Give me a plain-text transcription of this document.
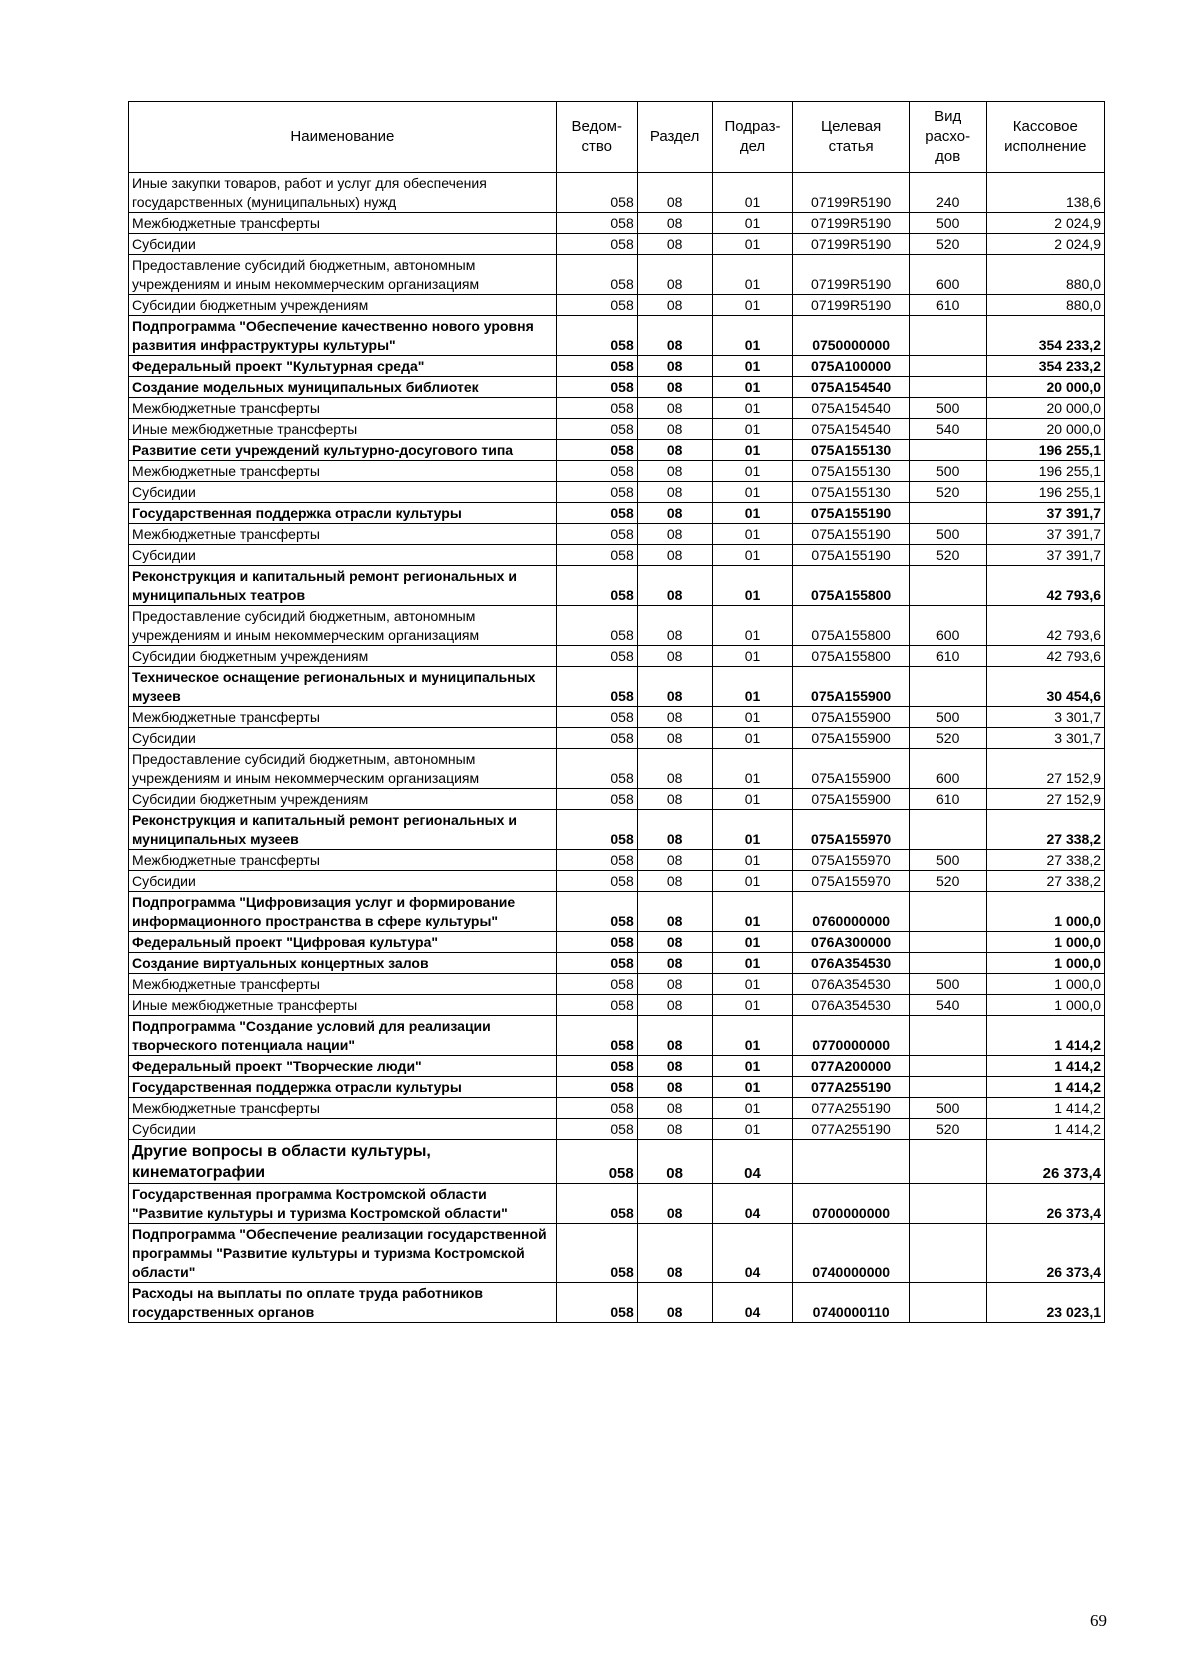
Наименование	Ведом-ство	Раздел	Подраз-дел	Целевая статья	Вид расхо-дов	Кассовое исполнение
Иные закупки товаров, работ и услуг для обеспечения государственных (муниципальных) нужд	058	08	01	07199R5190	240	138,6
Межбюджетные трансферты	058	08	01	07199R5190	500	2 024,9
Субсидии	058	08	01	07199R5190	520	2 024,9
Предоставление субсидий бюджетным, автономным учреждениям и иным некоммерческим организациям	058	08	01	07199R5190	600	880,0
Субсидии бюджетным учреждениям	058	08	01	07199R5190	610	880,0
Подпрограмма "Обеспечение качественно нового уровня развития инфраструктуры культуры"	058	08	01	0750000000		354 233,2
Федеральный проект "Культурная среда"	058	08	01	075A100000		354 233,2
Создание модельных муниципальных библиотек	058	08	01	075A154540		20 000,0
Межбюджетные трансферты	058	08	01	075A154540	500	20 000,0
Иные межбюджетные трансферты	058	08	01	075A154540	540	20 000,0
Развитие сети учреждений культурно-досугового типа	058	08	01	075A155130		196 255,1
Межбюджетные трансферты	058	08	01	075A155130	500	196 255,1
Субсидии	058	08	01	075A155130	520	196 255,1
Государственная поддержка отрасли культуры	058	08	01	075A155190		37 391,7
Межбюджетные трансферты	058	08	01	075A155190	500	37 391,7
Субсидии	058	08	01	075A155190	520	37 391,7
Реконструкция и капитальный ремонт региональных и муниципальных театров	058	08	01	075A155800		42 793,6
Предоставление субсидий бюджетным, автономным учреждениям и иным некоммерческим организациям	058	08	01	075A155800	600	42 793,6
Субсидии бюджетным учреждениям	058	08	01	075A155800	610	42 793,6
Техническое оснащение региональных и муниципальных музеев	058	08	01	075A155900		30 454,6
Межбюджетные трансферты	058	08	01	075A155900	500	3 301,7
Субсидии	058	08	01	075A155900	520	3 301,7
Предоставление субсидий бюджетным, автономным учреждениям и иным некоммерческим организациям	058	08	01	075A155900	600	27 152,9
Субсидии бюджетным учреждениям	058	08	01	075A155900	610	27 152,9
Реконструкция и капитальный ремонт региональных и муниципальных музеев	058	08	01	075A155970		27 338,2
Межбюджетные трансферты	058	08	01	075A155970	500	27 338,2
Субсидии	058	08	01	075A155970	520	27 338,2
Подпрограмма "Цифровизация услуг и формирование информационного пространства в сфере культуры"	058	08	01	0760000000		1 000,0
Федеральный проект "Цифровая культура"	058	08	01	076A300000		1 000,0
Создание виртуальных концертных залов	058	08	01	076A354530		1 000,0
Межбюджетные трансферты	058	08	01	076A354530	500	1 000,0
Иные межбюджетные трансферты	058	08	01	076A354530	540	1 000,0
Подпрограмма "Создание условий для реализации творческого потенциала нации"	058	08	01	0770000000		1 414,2
Федеральный проект "Творческие люди"	058	08	01	077A200000		1 414,2
Государственная поддержка отрасли культуры	058	08	01	077A255190		1 414,2
Межбюджетные трансферты	058	08	01	077A255190	500	1 414,2
Субсидии	058	08	01	077A255190	520	1 414,2
Другие вопросы в области культуры, кинематографии	058	08	04			26 373,4
Государственная программа Костромской области "Развитие культуры и туризма Костромской области"	058	08	04	0700000000		26 373,4
Подпрограмма "Обеспечение реализации государственной программы "Развитие культуры и туризма Костромской области"	058	08	04	0740000000		26 373,4
Расходы на выплаты по оплате труда работников государственных органов	058	08	04	0740000110		23 023,1
69
